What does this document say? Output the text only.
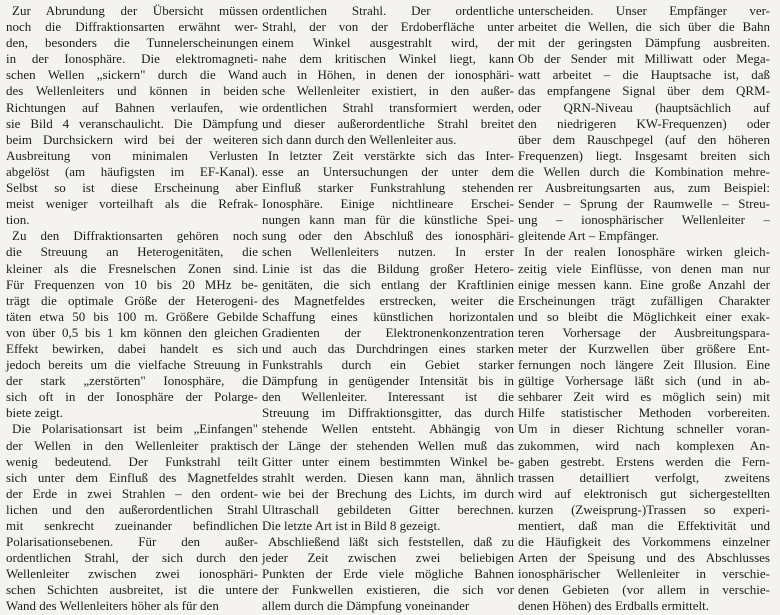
Zur Abrundung der Übersicht müssen
noch die Diffraktionsarten erwähnt wer-
den, besonders die Tunnelerscheinungen
in der Ionosphäre. Die elektromagneti-
schen Wellen „sickern" durch die Wand
des Wellenleiters und können in beiden
Richtungen auf Bahnen verlaufen, wie
sie Bild 4 veranschaulicht. Die Dämpfung
beim Durchsickern wird bei der weiteren
Ausbreitung von minimalen Verlusten
abgelöst (am häufigsten im EF-Kanal).
Selbst so ist diese Erscheinung aber
meist weniger vorteilhaft als die Refrak-
tion.
Zu den Diffraktionsarten gehören noch
die Streuung an Heterogenitäten, die
kleiner als die Fresnelschen Zonen sind.
Für Frequenzen von 10 bis 20 MHz be-
trägt die optimale Größe der Heterogeni-
täten etwa 50 bis 100 m. Größere Gebilde
von über 0,5 bis 1 km können den gleichen
Effekt bewirken, dabei handelt es sich
jedoch bereits um die vielfache Streuung in
der stark „zerstörten" Ionosphäre, die
sich oft in der Ionosphäre der Polarge-
biete zeigt.
Die Polarisationsart ist beim „Einfangen"
der Wellen in den Wellenleiter praktisch
wenig bedeutend. Der Funkstrahl teilt
sich unter dem Einfluß des Magnetfeldes
der Erde in zwei Strahlen – den ordent-
lichen und den außerordentlichen Strahl
mit senkrecht zueinander befindlichen
Polarisationsebenen. Für den außer-
ordentlichen Strahl, der sich durch den
Wellenleiter zwischen zwei ionosphäri-
schen Schichten ausbreitet, ist die untere
Wand des Wellenleiters höher als für den
ordentlichen Strahl. Der ordentliche
Strahl, der von der Erdoberfläche unter
einem Winkel ausgestrahlt wird, der
nahe dem kritischen Winkel liegt, kann
auch in Höhen, in denen der ionosphäri-
sche Wellenleiter existiert, in den außer-
ordentlichen Strahl transformiert werden,
und dieser außerordentliche Strahl breitet
sich dann durch den Wellenleiter aus.
In letzter Zeit verstärkte sich das Inter-
esse an Untersuchungen der unter dem
Einfluß starker Funkstrahlung stehenden
Ionosphäre. Einige nichtlineare Erschei-
nungen kann man für die künstliche Spei-
sung oder den Abschluß des ionosphäri-
schen Wellenleiters nutzen. In erster
Linie ist das die Bildung großer Hetero-
genitäten, die sich entlang der Kraftlinien
des Magnetfeldes erstrecken, weiter die
Schaffung eines künstlichen horizontalen
Gradienten der Elektronenkonzentration
und auch das Durchdringen eines starken
Funkstrahls durch ein Gebiet starker
Dämpfung in genügender Intensität bis in
den Wellenleiter. Interessant ist die
Streuung im Diffraktionsgitter, das durch
stehende Wellen entsteht. Abhängig von
der Länge der stehenden Wellen muß das
Gitter unter einem bestimmten Winkel be-
strahlt werden. Diesen kann man, ähnlich
wie bei der Brechung des Lichts, im durch
Ultraschall gebildeten Gitter berechnen.
Die letzte Art ist in Bild 8 gezeigt.
Abschließend läßt sich feststellen, daß zu
jeder Zeit zwischen zwei beliebigen
Punkten der Erde viele mögliche Bahnen
der Funkwellen existieren, die sich vor
allem durch die Dämpfung voneinander
unterscheiden. Unser Empfänger ver-
arbeitet die Wellen, die sich über die Bahn
mit der geringsten Dämpfung ausbreiten.
Ob der Sender mit Milliwatt oder Mega-
watt arbeitet – die Hauptsache ist, daß
das empfangene Signal über dem QRM-
oder QRN-Niveau (hauptsächlich auf
den niedrigeren KW-Frequenzen) oder
über dem Rauschpegel (auf den höheren
Frequenzen) liegt. Insgesamt breiten sich
die Wellen durch die Kombination mehre-
rer Ausbreitungsarten aus, zum Beispiel:
Sender – Sprung der Raumwelle – Streu-
ung – ionosphärischer Wellenleiter –
gleitende Art – Empfänger.
In der realen Ionosphäre wirken gleich-
zeitig viele Einflüsse, von denen man nur
einige messen kann. Eine große Anzahl der
Erscheinungen trägt zufälligen Charakter
und so bleibt die Möglichkeit einer exak-
teren Vorhersage der Ausbreitungspara-
meter der Kurzwellen über größere Ent-
fernungen noch längere Zeit Illusion. Eine
gültige Vorhersage läßt sich (und in ab-
sehbarer Zeit wird es möglich sein) mit
Hilfe statistischer Methoden vorbereiten.
Um in dieser Richtung schneller voran-
zukommen, wird nach komplexen An-
gaben gestrebt. Erstens werden die Fern-
trassen detailliert verfolgt, zweitens
wird auf elektronisch gut sichergestellten
kurzen (Zweisprung-)Trassen so experi-
mentiert, daß man die Effektivität und
die Häufigkeit des Vorkommens einzelner
Arten der Speisung und des Abschlusses
ionosphärischer Wellenleiter in verschie-
denen Gebieten (vor allem in verschie-
denen Höhen) des Erdballs ermittelt.
